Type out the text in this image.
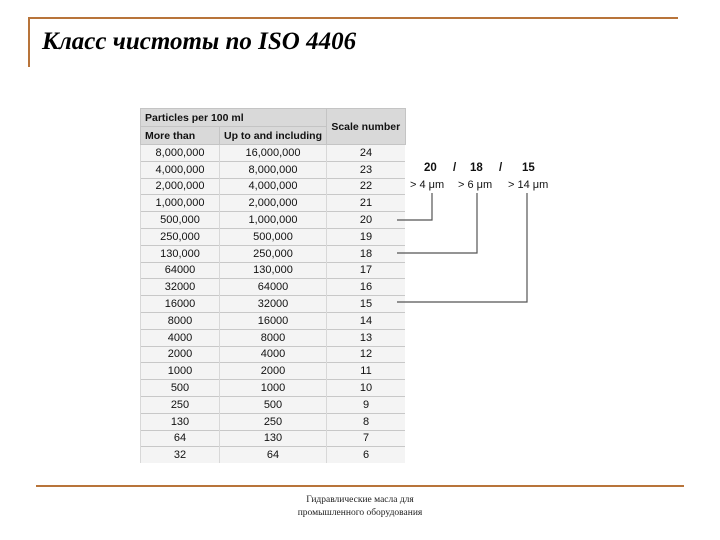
Класс чистоты по ISO 4406
Particles per 100 ml		Scale number
More than	Up to and including	
8,000,000	16,000,000	24
4,000,000	8,000,000	23
2,000,000	4,000,000	22
1,000,000	2,000,000	21
500,000	1,000,000	20
250,000	500,000	19
130,000	250,000	18
64000	130,000	17
32000	64000	16
16000	32000	15
8000	16000	14
4000	8000	13
2000	4000	12
1000	2000	11
500	1000	10
250	500	9
130	250	8
64	130	7
32	64	6
20 / 18 / 15
> 4 μm > 6 μm > 14 μm
Гидравлические масла для
промышленного оборудования
